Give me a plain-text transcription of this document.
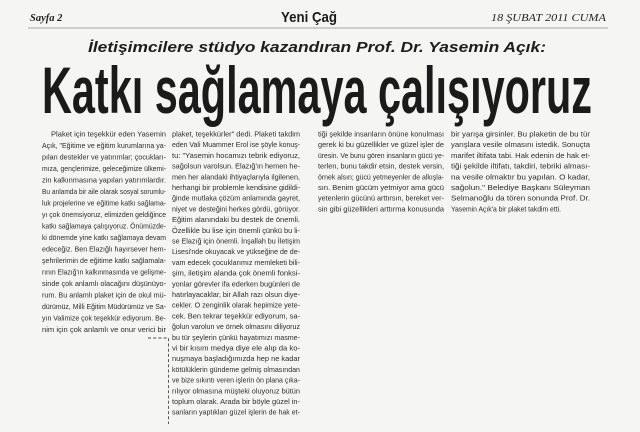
Sayfa 2	Yeni Çağ	18 ŞUBAT 2011 CUMA
İletişimcilere stüdyo kazandıran Prof. Dr. Yasemin Açık:
Katkı sağlamaya çalışıyoruz
Plaket için teşekkür eden Yasemin
Açık, "Eğitime ve eğitim kurumlarına ya-
pılan destekler ve yatırımlar; çocukları-
mıza, gençlerimize, geleceğimize ülkemi-
zin kalkınmasına yapılan yatırımlardır.
Bu anlamda bir aile olarak sosyal sorumlu-
luk projelerine ve eğitime katkı sağlama-
yı çok önemsiyoruz, elimizden geldiğince
katkı sağlamaya çalışıyoruz. Önümüzde-
ki dönemde yine katkı sağlamaya devam
edeceğiz. Ben Elazığlı hayırsever hem-
şehrilerimin de eğitime katkı sağlamala-
rının Elazığ'ın kalkınmasında ve gelişme-
sinde çok anlamlı olacağını düşünüyo-
rum. Bu anlamlı plaket için de okul mü-
dürümüz, Milli Eğitim Müdürümüz ve Sa-
yın Valimize çok teşekkür ediyorum. Be-
nim için çok anlamlı ve onur verici bir
plaket, teşekkürler" dedi. Plaketi takdim
eden Vali Muammer Erol ise şöyle konuş-
tu: "Yasemin hocamızı tebrik ediyoruz,
sağolsun varolsun. Elazığ'ın hemen he-
men her alandaki ihtiyaçlarıyla ilgilenen,
herhangi bir problemle kendisine gidildi-
ğinde mutlaka çözüm anlamında gayret,
niyet ve desteğini herkes gördü, görüyor.
Eğitim alanındaki bu destek de önemli.
Özellikle bu lise için önemli çünkü bu li-
se Elazığ için önemli. İnşallah bu İletişim
Lisesi'nde okuyacak ve yükseğine de de-
vam edecek çocuklarımız memleketi bili-
şim, iletişim alanda çok önemli fonksi-
yonlar görevler ifa ederken bugünleri de
hatırlayacaklar, bir Allah razı olsun diye-
cekler. O zenginlik olarak hepimize yete-
cek. Ben tekrar teşekkür ediyorum, sa-
ğolun varolun ve örnek olmasını diliyoruz
bu tür şeylerin çünkü hayatımızı masme-
vi bir kısım medya diye ele alıp da ko-
nuşmaya başladığımızda hep ne kadar
kötülüklerin gündeme gelmiş olmasından
ve bize sıkıntı veren işlerin ön plana çıka-
rılıyor olmasına müşteki oluyoruz bütün
toplum olarak. Arada bir böyle güzel in-
sanların yaptıkları güzel işlerin de hak et-
tiği şekilde insanların önüne konulması
gerek ki bu güzellikler ve güzel işler de
üresin. Ve bunu gören insanların gücü ye-
terlen, bunu takdir etsin, destek versin,
örnek alsın; gücü yetmeyenler de alkışla-
sın. Benim gücüm yetmiyor ama gücü
yetenlerin gücünü arttırsın, bereket ver-
sin gibi güzellikleri arttırma konusunda
bir yarışa girsinler. Bu plaketin de bu tür
yarışlara vesile olmasını istedik. Sonuçta
marifet iltifata tabi. Hak edenin de hak et-
tiği şekilde iltifatı, takdiri, tebriki alması-
na vesile olmaktır bu yapılan. O kadar,
sağolun." Belediye Başkanı Süleyman
Selmanoğlu da tören sonunda Prof. Dr.
Yasemin Açık'a bir plaket takdim etti.
